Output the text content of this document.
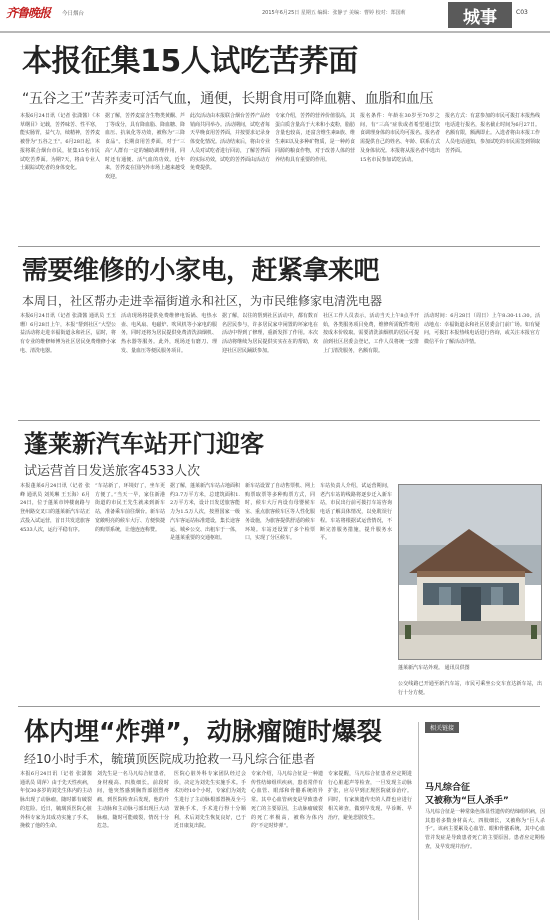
齐鲁晚报 今日烟台	2015年6月25日 星期五 编辑：张静子 美编：曹婷 校对：郑国莉	城事	C03
本报征集15人试吃苦荞面
“五谷之王”苦荞麦可活气血，通便，长期食用可降血糖、血脂和血压
本报6月24日讯（记者 张潇酱）《本草纲目》记载，苦荞味苦、性平寒，能实肠胃，益气力，续精神，苦荞麦被誉为“五谷之王”。6月28日起，本报将联合烟台市民，征集15名市民试吃苦荞面。为期7天，将由专业人士跟踪试吃者的身体变化。
据了解，苦荞麦富含生物类黄酮、芦丁等成分，具有降血脂、降血糖、降血压、抗氧化等功效，被称为“三降食品”。长期食用苦荞面，对于“三高”人群有一定的辅助调理作用，同时还有通便、活气血的功效。近年来，苦荞麦在国内外市场上越来越受欢迎。
此次活动由本报联合烟台苦荞产品经销商共同举办。活动期间，试吃者每天早晚食用苦荞面，并按要求记录身体变化情况。活动结束后，将由专业人员对试吃者进行回访，了解苦荞面的实际功效，试吃的苦荞面由活动方免费提供。
专家介绍，苦荞的营养价值很高，其蛋白质含量高于大米和小麦粉，脂肪含量也较高，还富含维生素B族、维生素E以及多种矿物质，是一种药食同源的粮食作物，对于改善人体的营养结构具有重要的作用。
报名条件：年龄在30岁至70岁之间，有“三高”症状或者希望通过饮食调理身体的市民均可报名。报名者需提供自己的姓名、年龄、联系方式及身体状况。本报将从报名者中选出15名市民参加试吃活动。
报名方式：有意参加的市民可拨打本报热线电话进行报名，报名截止时间为6月27日。名额有限，额满即止。入选者将由本报工作人员电话通知，参加试吃的市民需签到领取苦荞面。
需要维修的小家电，赶紧拿来吧
本周日，社区帮办走进幸福街道永和社区，为市民维修家电清洗电器
本报6月24日讯（记者 张潇酱 通讯员 王玉珊）6月28日上午，本报“帮到社区”大型公益活动将走进幸福街道永和社区，届时，将有专业的维修师傅为社区居民免费维修小家电、清洗电器。
活动现场将提供免费维修电饭锅、电热水壶、电风扇、电磁炉、吹风机等小家电的服务，同时还将为居民提供免费清洗油烟机、热水器等服务。此外，现场还有磨刀、理发、量血压等便民服务项目。
据了解，以往的帮到社区活动中，都有数百名居民参与，许多居民家中闲置的坏家电在活动中得到了修理，重新发挥了作用。本次活动将继续为居民提供实实在在的帮助，欢迎社区居民踊跃参加。
社区工作人员表示，活动当天上午8点半开始，各类服务项目免费，维修所需配件费用按成本价收取。需要清洗油烟机的居民可提前到社区居委会登记，工作人员将统一安排上门清洗服务，名额有限。
活动时间：6月28日（周日）上午8:30-11:30。活动地点：幸福街道永和社区居委会门前广场。如有疑问，可拨打本报热线电话进行咨询，或关注本报官方微信平台了解活动详情。
蓬莱新汽车站开门迎客
试运营首日发送旅客4533人次
本报蓬莱6月24日讯（记者 张峰 通讯员 刘英琳 王玉海）6月24日，位于蓬莱市钟楼南路与登州路交叉口的蓬莱新汽车站正式投入试运营，首日共发送旅客4533人次，运行平稳有序。
“车站新了，环境好了，坐车更方便了。”当天一早，家住新港街道的市民王先生就来到新车站，准备乘车前往烟台。新车站宽敞明亮的候车大厅、方便快捷的购票系统，让他连连称赞。
据了解，蓬莱新汽车站占地面积约3.7万平方米，总建筑面积1.2万平方米，设计日发送旅客能力为1.5万人次，按照国家一级汽车客运站标准建设，集长途客运、城乡公交、出租车于一体，是蓬莱重要的交通枢纽。
新车站设置了自动售票机、网上购票取票等多种购票方式，同时，候车大厅内设有母婴候车室、重点旅客候车区等人性化服务设施，为旅客提供舒适的候车环境。车站还设置了多个检票口，实现了分区候车。
车站负责人介绍，试运营期间，老汽车站的线路将逐步迁入新车站，市民出行前可拨打车站咨询电话了解具体情况，以免耽误行程。车站将根据试运营情况，不断完善服务措施，提升服务水平。
蓬莱新汽车站外观。 通讯员供图
公交线路已开通至新汽车站，市民可乘坐公交车直达新车站，出行十分方便。
体内埋“炸弹”，动脉瘤随时爆裂
经10小时手术，毓璜顶医院成功抢救一马凡综合征患者
本报6月24日讯（记者 张潇酱 通讯员 周萍）由于先天性疾病，年仅30多岁的刘先生体内的主动脉出现了动脉瘤，随时都有破裂的危险。近日，毓璜顶医院心脏外科专家为其成功实施了手术，挽救了他的生命。
刘先生是一名马凡综合征患者，身材瘦高、四肢细长。前段时间，他突然感到胸背部剧烈疼痛，到医院检查后发现，他的升主动脉和主动脉弓部出现巨大动脉瘤，随时可能破裂，情况十分危急。
医院心脏外科专家团队经过会诊，决定为刘先生实施手术。手术历经10个小时，专家们为刘先生进行了主动脉根部置换及全弓置换手术，手术进行得十分顺利，术后刘先生恢复良好，已于近日康复出院。
专家介绍，马凡综合征是一种遗传性结缔组织疾病，患者常伴有心血管、眼部和骨骼系统的异常。其中心血管病变是导致患者死亡的主要原因，主动脉瘤破裂的死亡率极高，被称为体内的“不定时炸弹”。
专家提醒，马凡综合征患者应定期进行心脏超声等检查，一旦发现主动脉扩张，应尽早到正规医院就诊治疗。同时，有家族遗传史的人群也应进行相关筛查，做到早发现、早诊断、早治疗，避免悲剧发生。
相关链接
马凡综合征
又被称为“巨人杀手”
马凡综合征是一种常染色体显性遗传的结缔组织病，因其患者多数身材高大、四肢细长，又被称为“巨人杀手”。该病主要累及心血管、眼和骨骼系统，其中心血管并发症是导致患者死亡的主要原因。患者应定期检查，及早发现并治疗。
